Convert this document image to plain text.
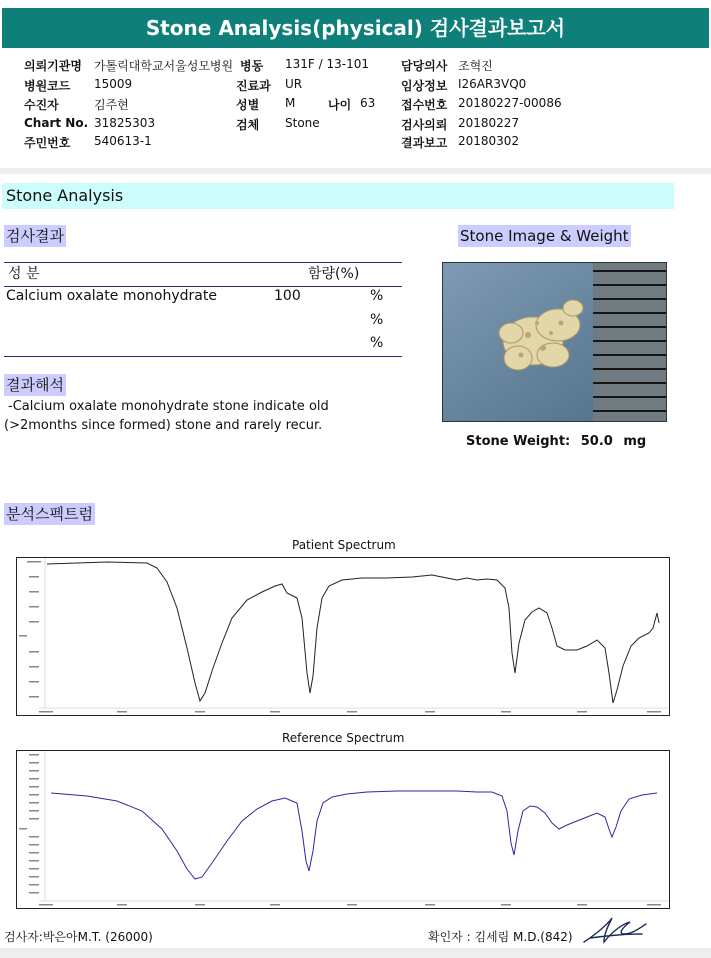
Stone Analysis(physical) 검사결과보고서
의뢰기관명 가톨릭대학교서울성모병원
병원코드 15009
수진자	김주현
Chart No. 31825303
주민번호 540613-1
병동 131F / 13-101
진료과 UR
성별 M
검체 Stone
나이 63
담당의사 조혁진
임상정보 I26AR3VQ0
접수번호 20180227-00086
검사의뢰 20180227
결과보고 20180302
Stone Analysis
검사결과
성 분	함량(%)
Calcium oxalate monohydrate	100	%
%
%
결과해석
-Calcium oxalate monohydrate stone indicate old
(>2months since formed) stone and rarely recur.
Stone Image & Weight
Stone Weight: 50.0 mg
분석스펙트럼
Patient Spectrum
Reference Spectrum
검사자:박은아M.T. (26000)	확인자 : 김세림 M.D.(842)
